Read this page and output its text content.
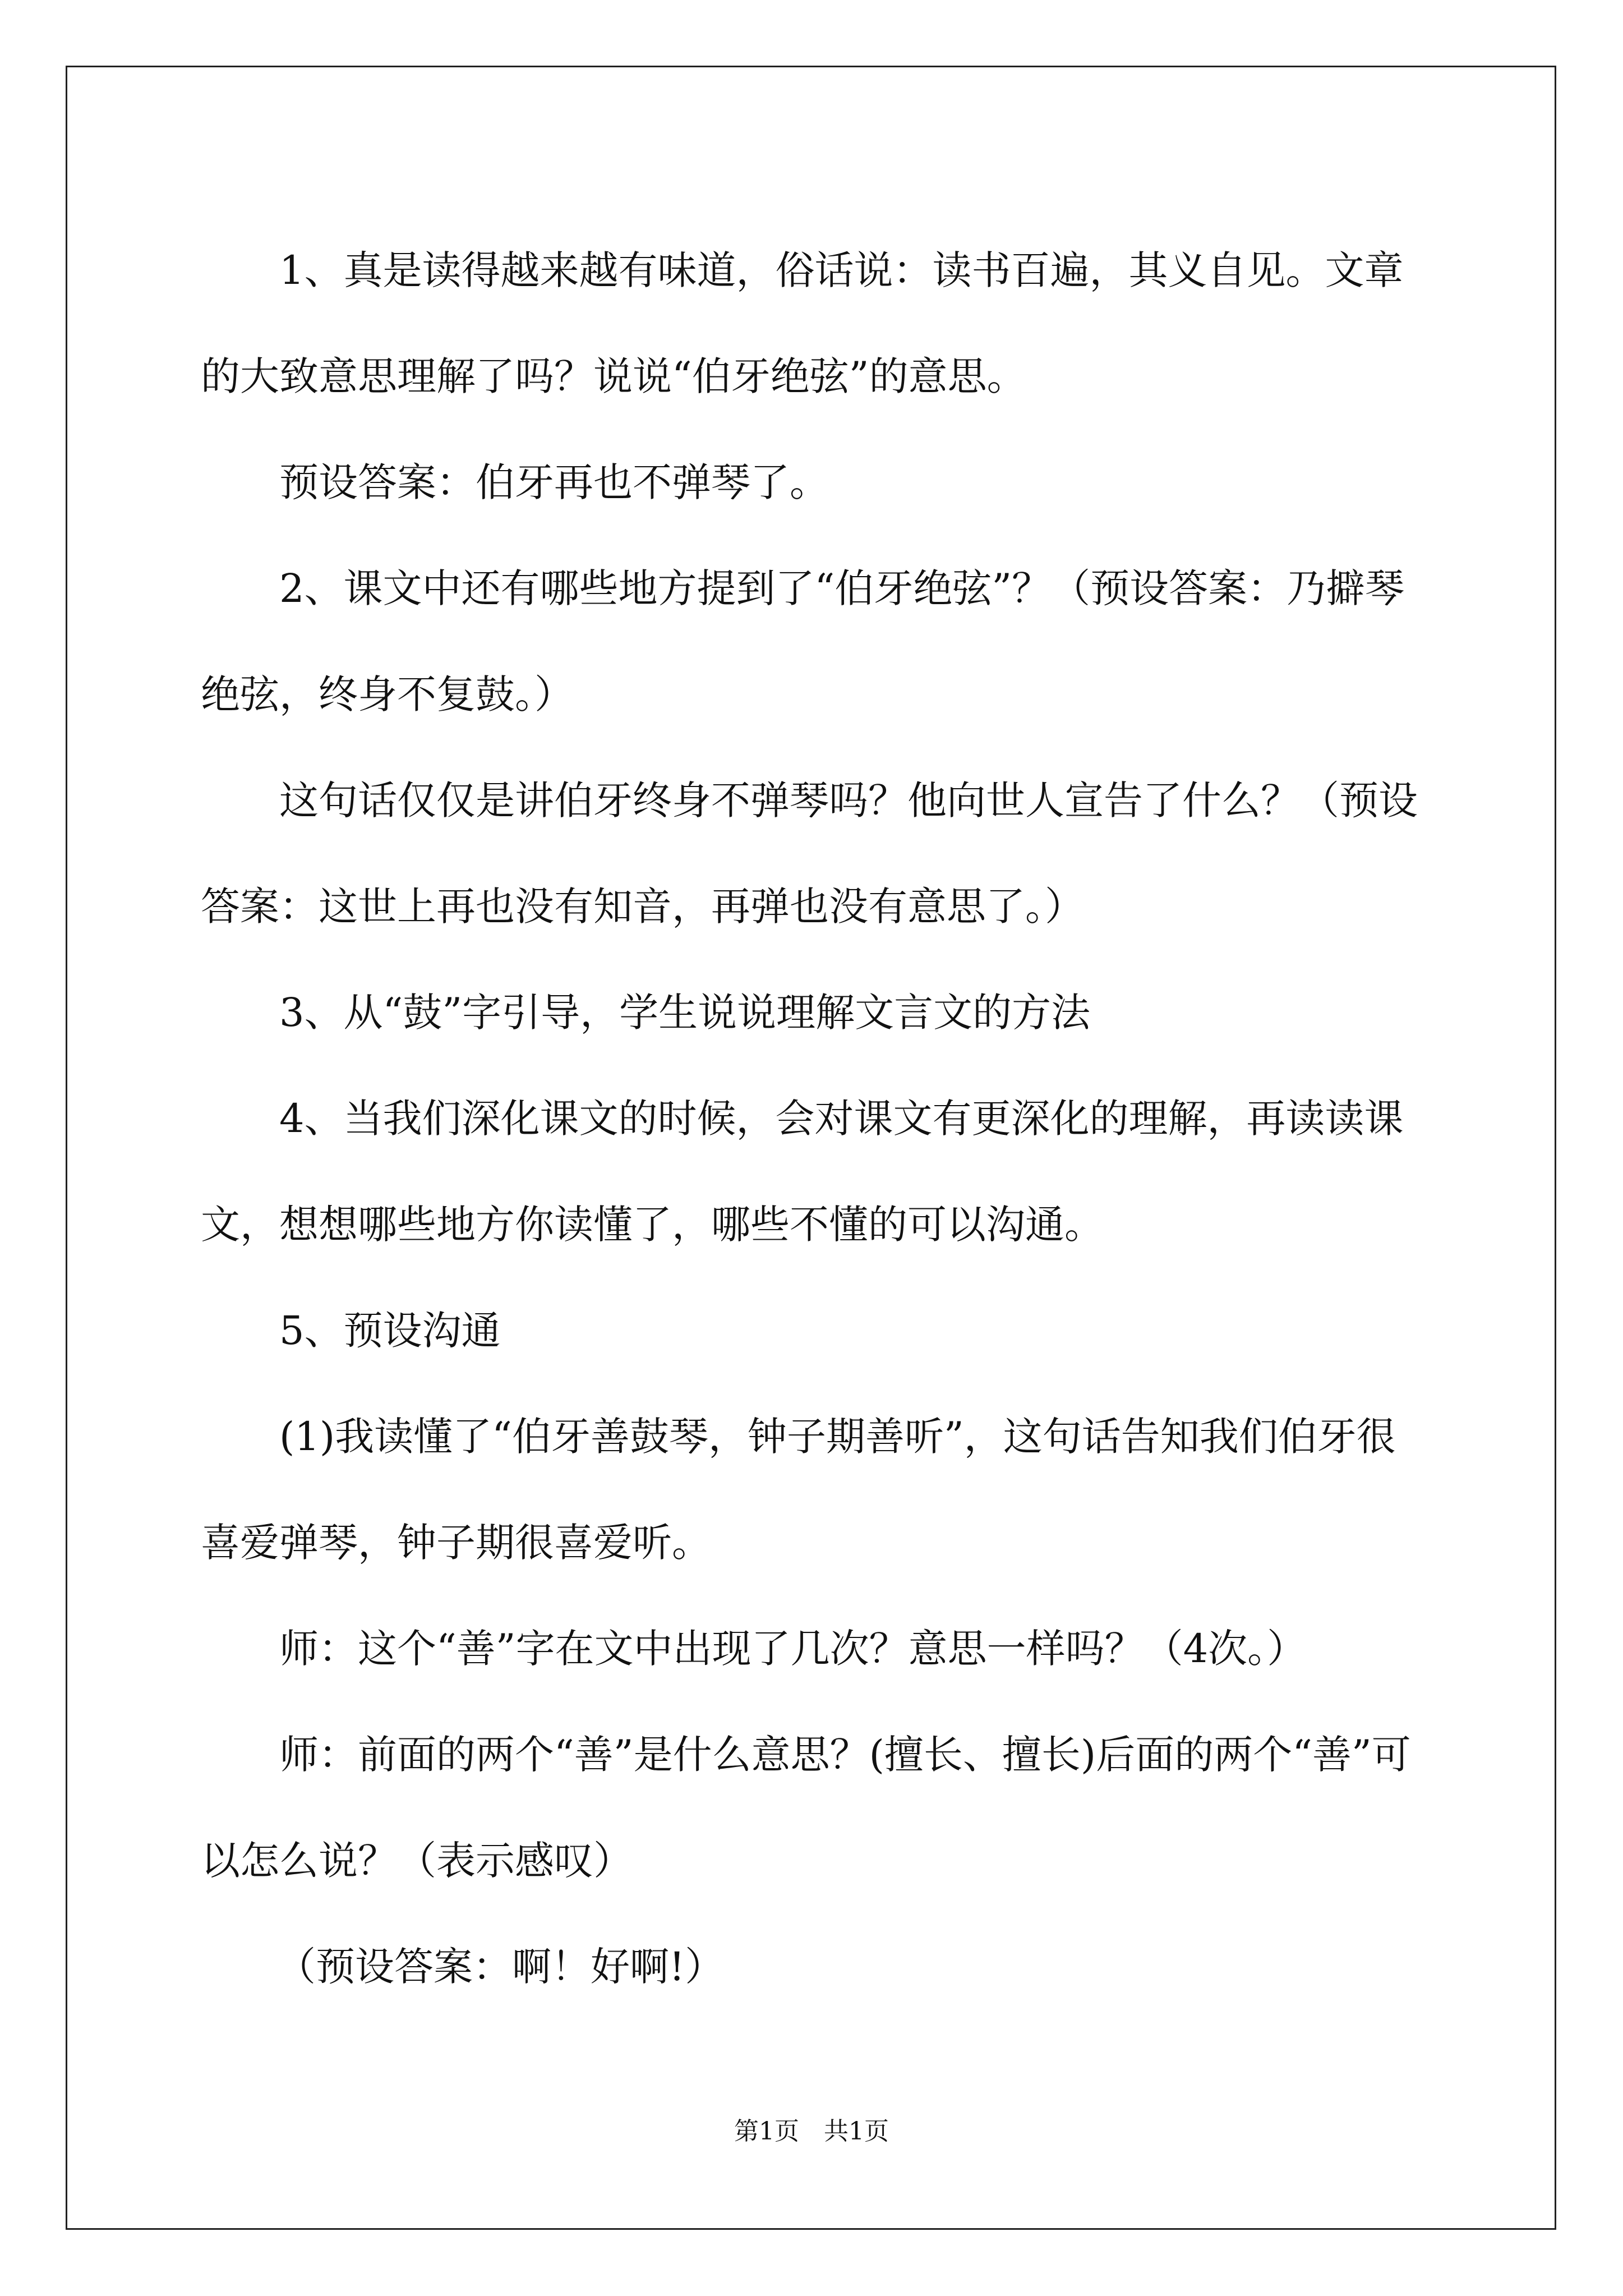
1、真是读得越来越有味道，俗话说：读书百遍，其义自见。文章的大致意思理解了吗？说说“伯牙绝弦”的意思。

预设答案：伯牙再也不弹琴了。

2、课文中还有哪些地方提到了“伯牙绝弦”？（预设答案：乃擗琴绝弦，终身不复鼓。）

这句话仅仅是讲伯牙终身不弹琴吗？他向世人宣告了什么？（预设答案：这世上再也没有知音，再弹也没有意思了。）

3、从“鼓”字引导，学生说说理解文言文的方法

4、当我们深化课文的时候，会对课文有更深化的理解，再读读课文，想想哪些地方你读懂了，哪些不懂的可以沟通。

5、预设沟通

(1)我读懂了“伯牙善鼓琴，钟子期善听”，这句话告知我们伯牙很喜爱弹琴，钟子期很喜爱听。

师：这个“善”字在文中出现了几次？意思一样吗？（4次。）

师：前面的两个“善”是什么意思？(擅长、擅长)后面的两个“善”可以怎么说？（表示感叹）

（预设答案：啊！好啊!）

第1页　共1页
